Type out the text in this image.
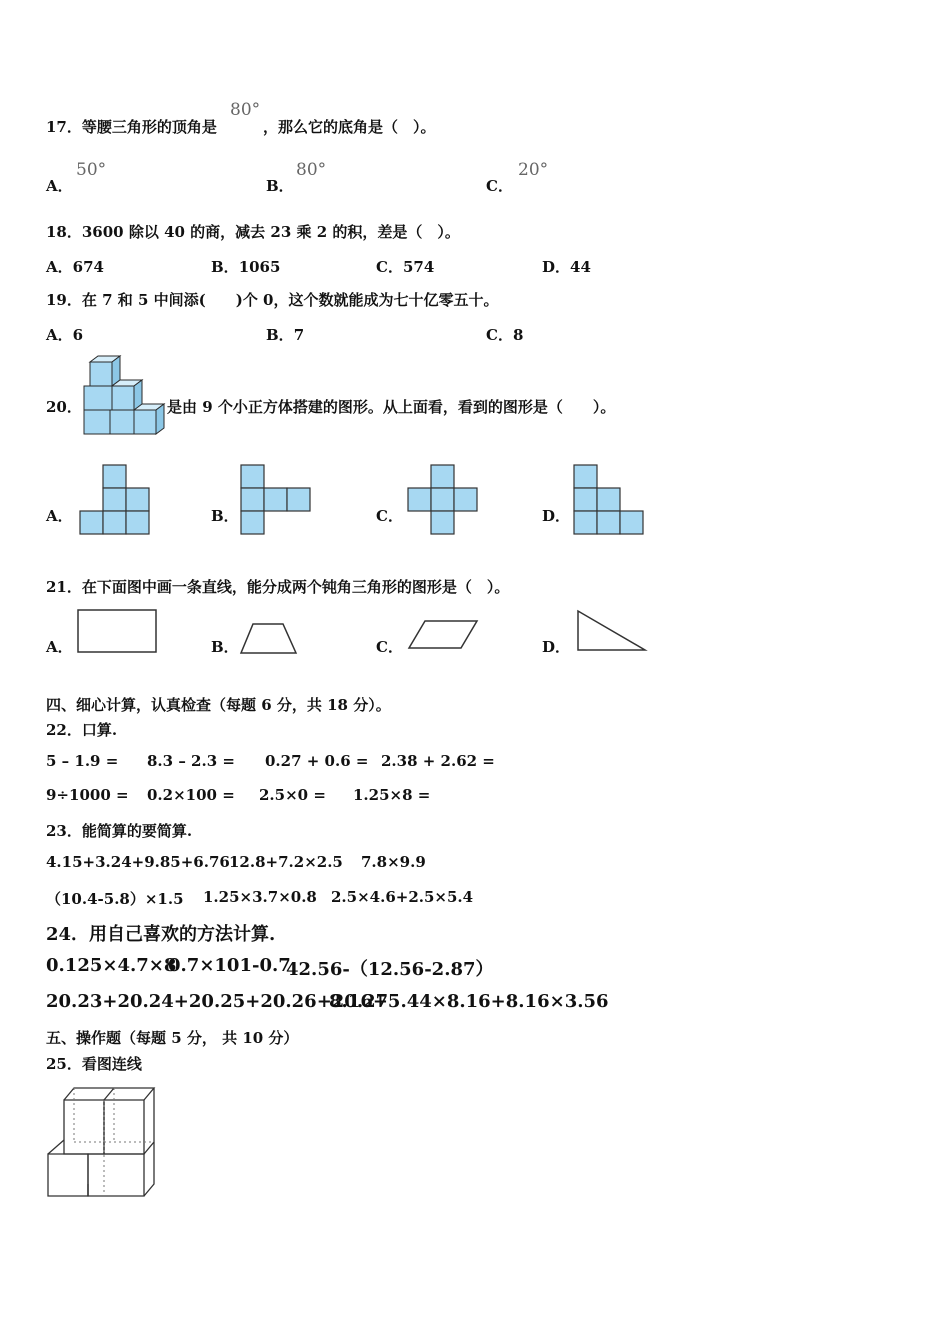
17．等腰三角形的顶角是
80°
，那么它的底角是（　）。
A．
50°
B．
80°
C．
20°
18．3600 除以 40 的商，减去 23 乘 2 的积，差是（　）。
A．674	B．1065	C．574	D．44
19．在 7 和 5 中间添(　　)个 0，这个数就能成为七十亿零五十。
A．6	B．7	C．8
20．	是由 9 个小正方体搭建的图形。从上面看，看到的图形是（　　）。
A．	B．	C．	D．
21．在下面图中画一条直线，能分成两个钝角三角形的图形是（　）。
A．	B．	C．	D．
四、细心计算，认真检查（每题 6 分，共 18 分）。
22．口算.
5 – 1.9 = 8.3 – 2.3 = 0.27 + 0.6 = 2.38 + 2.62 =
9÷1000 = 0.2×100 = 2.5×0 = 1.25×8 =
23．能简算的要简算.
4.15+3.24+9.85+6.76 12.8+7.2×2.5 7.8×9.9
（10.4-5.8）×1.5 1.25×3.7×0.8 2.5×4.6+2.5×5.4
24．用自己喜欢的方法计算.
0.125×4.7×8
0.7×101-0.7
42.56-（12.56-2.87）
20.23+20.24+20.25+20.26+20.27
8.16+5.44×8.16+8.16×3.56
五、操作题（每题 5 分， 共 10 分）
25．看图连线
